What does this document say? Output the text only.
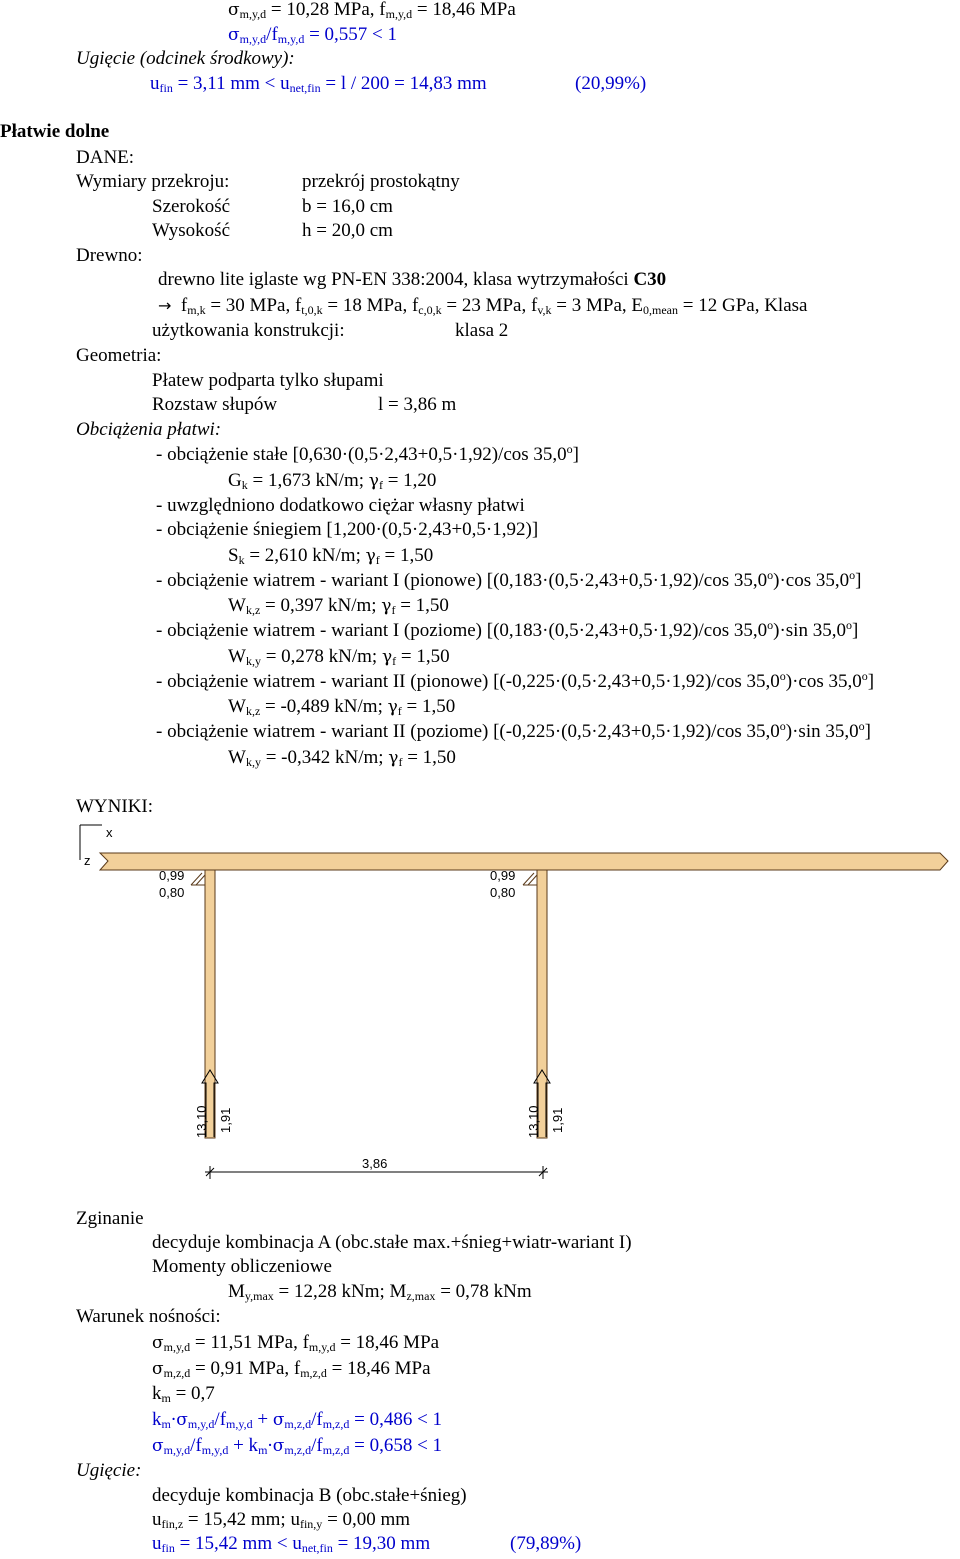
$\sigma_{m,y,d} = 10,28$ MPa, $f_{m,y,d} = 18,46$ MPa
$\sigma_{m,y,d}/f_{m,y,d} = 0,557 < 1$
Ugięcie (odcinek środkowy):
$u_{fin} = 3,11$ mm < $u_{net,fin} = l / 200 = 14,83$ mm	(20,99%)
Płatwie dolne
DANE:
Wymiary przekroju:	przekrój prostokątny
Szerokość	b = 16,0 cm
Wysokość	h = 20,0 cm
Drewno:
drewno lite iglaste wg PN-EN 338:2004, klasa wytrzymałości C30
→ $f_{m,k} = 30$ MPa, $f_{t,0,k} = 18$ MPa, $f_{c,0,k} = 23$ MPa, $f_{v,k} = 3$ MPa, $E_{0,mean} = 12$ GPa, Klasa
użytkowania konstrukcji:	klasa 2
Geometria:
Płatew podparta tylko słupami
Rozstaw słupów	l = 3,86 m
Obciążenia płatwi:
- obciążenie stałe [0,630·(0,5·2,43+0,5·1,92)/cos 35,0$^o$]
$G_k = 1,673$ kN/m; $\gamma_f = 1,20$
- uwzględniono dodatkowo ciężar własny płatwi
- obciążenie śniegiem [1,200·(0,5·2,43+0,5·1,92)]
$S_k = 2,610$ kN/m; $\gamma_f = 1,50$
- obciążenie wiatrem - wariant I (pionowe) [(0,183·(0,5·2,43+0,5·1,92)/cos $35,0^o)\cdot\cos$ 35,0$^o$]
$W_{k,z} = 0,397$ kN/m; $\gamma_f = 1,50$
- obciążenie wiatrem - wariant I (poziome) [(0,183·(0,5·2,43+0,5·1,92)/cos $35,0^o)\cdot\sin$ 35,0$^o$]
$W_{k,y} = 0,278$ kN/m; $\gamma_f = 1,50$
- obciążenie wiatrem - wariant II (pionowe) [(-0,225·(0,5·2,43+0,5·1,92)/cos $35,0^o)\cdot\cos$ 35,0$^o$]
$W_{k,z} = -0,489$ kN/m; $\gamma_f = 1,50$
- obciążenie wiatrem - wariant II (poziome) [(-0,225·(0,5·2,43+0,5·1,92)/cos $35,0^o)\cdot\sin$ 35,0$^o$]
$W_{k,y} = -0,342$ kN/m; $\gamma_f = 1,50$
WYNIKI:
x
z
0,99
0,80
0,99
0,80
13,10 1,91	13,10 1,91
3,86
Zginanie
decyduje kombinacja A (obc.stałe max.+śnieg+wiatr-wariant I)
Momenty obliczeniowe
$M_{y,max} = 12,28$ kNm; $M_{z,max} = 0,78$ kNm
Warunek nośności:
$\sigma_{m,y,d} = 11,51$ MPa, $f_{m,y,d} = 18,46$ MPa
$\sigma_{m,z,d} = 0,91$ MPa, $f_{m,z,d} = 18,46$ MPa
$k_m = 0,7$
$k_m\cdot\sigma_{m,y,d}/f_{m,y,d} + \sigma_{m,z,d}/f_{m,z,d} = 0,486 < 1$
$\sigma_{m,y,d}/f_{m,y,d} + k_m\cdot\sigma_{m,z,d}/f_{m,z,d} = 0,658 < 1$
Ugięcie:
decyduje kombinacja B (obc.stałe+śnieg)
$u_{fin,z} = 15,42$ mm; $u_{fin,y} = 0,00$ mm
$u_{fin} = 15,42$ mm < $u_{net,fin} = 19,30$ mm	(79,89%)
